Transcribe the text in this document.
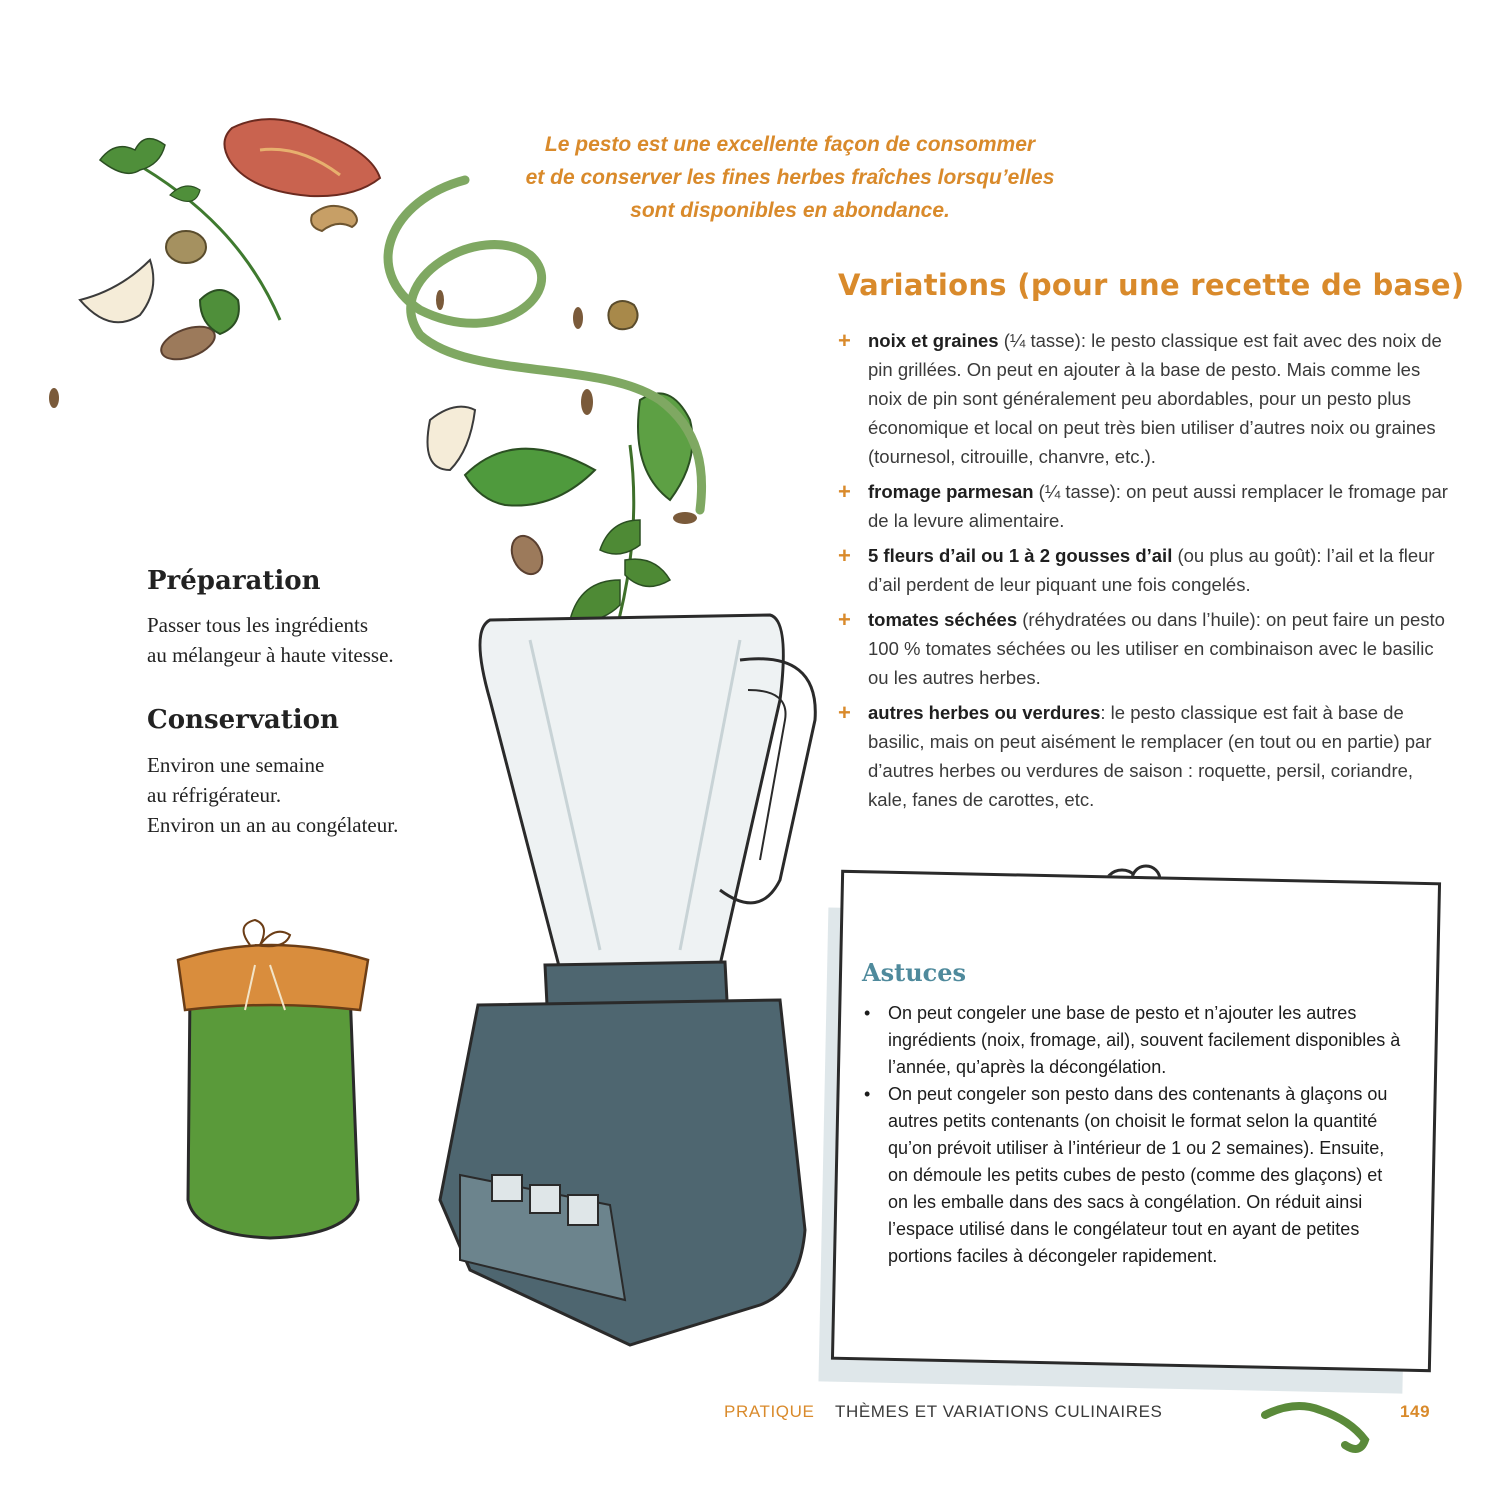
Le pesto est une excellente façon de consommer
et de conserver les fines herbes fraîches lorsqu’elles
sont disponibles en abondance.
Variations (pour une recette de base)
+ noix et graines (¼ tasse): le pesto classique est fait avec des noix de pin grillées. On peut en ajouter à la base de pesto. Mais comme les noix de pin sont généralement peu abordables, pour un pesto plus économique et local on peut très bien utiliser d’autres noix ou graines (tournesol, citrouille, chanvre, etc.).
+ fromage parmesan (¼ tasse): on peut aussi remplacer le fromage par de la levure alimentaire.
+ 5 fleurs d’ail ou 1 à 2 gousses d’ail (ou plus au goût): l’ail et la fleur d’ail perdent de leur piquant une fois congelés.
+ tomates séchées (réhydratées ou dans l’huile): on peut faire un pesto 100 % tomates séchées ou les utiliser en combinaison avec le basilic ou les autres herbes.
+ autres herbes ou verdures: le pesto classique est fait à base de basilic, mais on peut aisément le remplacer (en tout ou en partie) par d’autres herbes ou verdures de saison : roquette, persil, coriandre, kale, fanes de carottes, etc.
Préparation
Passer tous les ingrédients
au mélangeur à haute vitesse.
Conservation
Environ une semaine
au réfrigérateur.
Environ un an au congélateur.
Astuces
• On peut congeler une base de pesto et n’ajouter les autres ingrédients (noix, fromage, ail), souvent facilement disponibles à l’année, qu’après la décongélation.
• On peut congeler son pesto dans des contenants à glaçons ou autres petits contenants (on choisit le format selon la quantité qu’on prévoit utiliser à l’intérieur de 1 ou 2 semaines). Ensuite, on démoule les petits cubes de pesto (comme des glaçons) et on les emballe dans des sacs à congélation. On réduit ainsi l’espace utilisé dans le congélateur tout en ayant de petites portions faciles à décongeler rapidement.
PRATIQUE THÈMES ET VARIATIONS CULINAIRES	149
